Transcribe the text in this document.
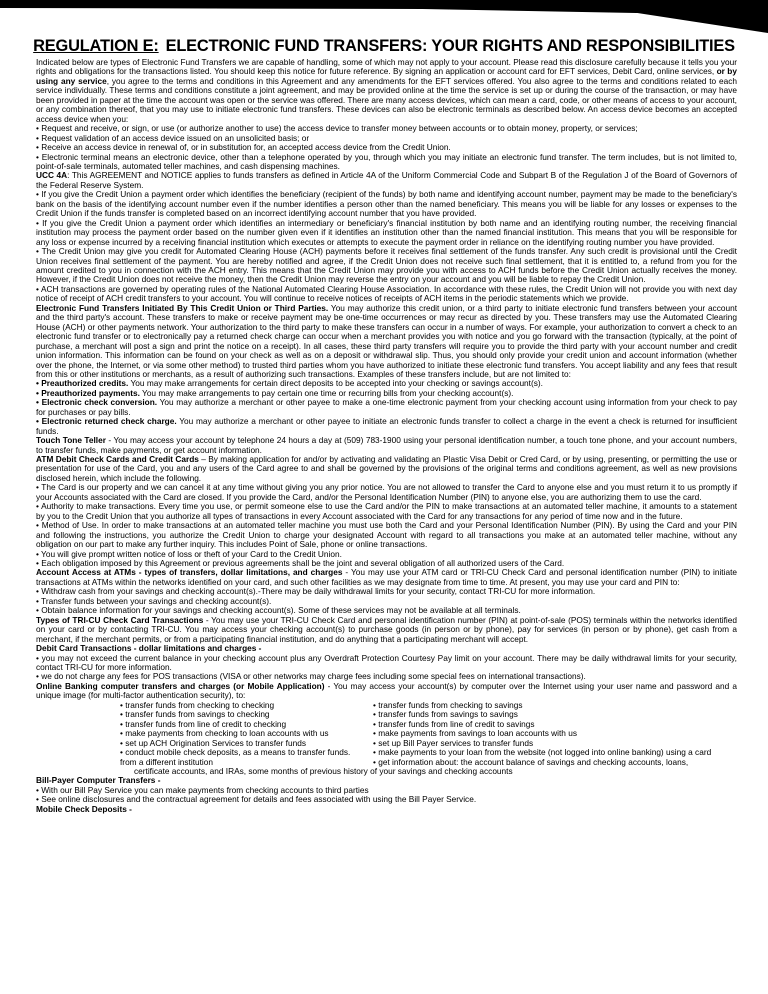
REGULATION E: ELECTRONIC FUND TRANSFERS: YOUR RIGHTS AND RESPONSIBILITIES
Indicated below are types of Electronic Fund Transfers we are capable of handling, some of which may not apply to your account. Please read this disclosure carefully because it tells you your rights and obligations for the transactions listed. You should keep this notice for future reference. By signing an application or account card for EFT services, Debit Card, online services, or by using any service, you agree to the terms and conditions in this Agreement and any amendments for the EFT services offered. You also agree to the terms and conditions related to each service individually. These terms and conditions constitute a joint agreement, and may be provided online at the time the service is set up or during the course of the transaction, or may have been provided in paper at the time the account was open or the service was offered. There are many access devices, which can mean a card, code, or other means of access to your account, or any combination thereof, that you may use to initiate electronic fund transfers. These devices can also be electronic terminals as described below. An access device becomes an accepted access device when you:
• Request and receive, or sign, or use (or authorize another to use) the access device to transfer money between accounts or to obtain money, property, or services;
• Request validation of an access device issued on an unsolicited basis; or
• Receive an access device in renewal of, or in substitution for, an accepted access device from the Credit Union.
• Electronic terminal means an electronic device, other than a telephone operated by you, through which you may initiate an electronic fund transfer. The term includes, but is not limited to, point-of-sale terminals, automated teller machines, and cash dispensing machines.
UCC 4A: This AGREEMENT and NOTICE applies to funds transfers as defined in Article 4A of the Uniform Commercial Code and Subpart B of the Regulation J of the Board of Governors of the Federal Reserve System.
• If you give the Credit Union a payment order which identifies the beneficiary (recipient of the funds) by both name and identifying account number, payment may be made to the beneficiary's bank on the basis of the identifying account number even if the number identifies a person other than the named beneficiary. This means you will be liable for any losses or expenses to the Credit Union if the funds transfer is completed based on an incorrect identifying account number that you have provided.
• If you give the Credit Union a payment order which identifies an intermediary or beneficiary's financial institution by both name and an identifying routing number, the receiving financial institution may process the payment order based on the number given even if it identifies an institution other than the named financial institution. This means that you will be responsible for any loss or expense incurred by a receiving financial institution which executes or attempts to execute the payment order in reliance on the identifying routing number you have provided.
• The Credit Union may give you credit for Automated Clearing House (ACH) payments before it receives final settlement of the funds transfer. Any such credit is provisional until the Credit Union receives final settlement of the payment. You are hereby notified and agree, if the Credit Union does not receive such final settlement, that it is entitled to, a refund from you for the amount credited to you in connection with the ACH entry. This means that the Credit Union may provide you with access to ACH funds before the Credit Union actually receives the money. However, if the Credit Union does not receive the money, then the Credit Union may reverse the entry on your account and you will be liable to repay the Credit Union.
• ACH transactions are governed by operating rules of the National Automated Clearing House Association. In accordance with these rules, the Credit Union will not provide you with next day notice of receipt of ACH credit transfers to your account. You will continue to receive notices of receipts of ACH items in the periodic statements which we provide.
Electronic Fund Transfers Initiated By This Credit Union or Third Parties. You may authorize this credit union, or a third party to initiate electronic fund transfers between your account and the third party's account. These transfers to make or receive payment may be one-time occurrences or may recur as directed by you. These transfers may use the Automated Clearing House (ACH) or other payments network. Your authorization to the third party to make these transfers can occur in a number of ways. For example, your authorization to convert a check to an electronic fund transfer or to electronically pay a returned check charge can occur when a merchant provides you with notice and you go forward with the transaction (typically, at the point of purchase, a merchant will post a sign and print the notice on a receipt). In all cases, these third party transfers will require you to provide the third party with your account number and credit union information. This information can be found on your check as well as on a deposit or withdrawal slip. Thus, you should only provide your credit union and account information (whether over the phone, the Internet, or via some other method) to trusted third parties whom you have authorized to initiate these electronic fund transfers. You accept liability and any fees that result from this or other institutions or merchants, as a result of authorizing such transactions. Examples of these transfers include, but are not limited to:
• Preauthorized credits. You may make arrangements for certain direct deposits to be accepted into your checking or savings account(s).
• Preauthorized payments. You may make arrangements to pay certain one time or recurring bills from your checking account(s).
• Electronic check conversion. You may authorize a merchant or other payee to make a one-time electronic payment from your checking account using information from your check to pay for purchases or pay bills.
• Electronic returned check charge. You may authorize a merchant or other payee to initiate an electronic funds transfer to collect a charge in the event a check is returned for insufficient funds.
Touch Tone Teller - You may access your account by telephone 24 hours a day at (509) 783-1900 using your personal identification number, a touch tone phone, and your account numbers, to transfer funds, make payments, or get account information.
ATM Debit Check Cards and Credit Cards – By making application for and/or by activating and validating an Plastic Visa Debit or Cred Card, or by using, presenting, or permitting the use or presentation for use of the Card, you and any users of the Card agree to and shall be governed by the provisions of the original terms and conditions agreement, as well as new provisions disclosed herein, which include the following.
• The Card is our property and we can cancel it at any time without giving you any prior notice. You are not allowed to transfer the Card to anyone else and you must return it to us promptly if your Accounts associated with the Card are closed. If you provide the Card, and/or the Personal Identification Number (PIN) to anyone else, you are authorizing them to use the card.
• Authority to make transactions. Every time you use, or permit someone else to use the Card and/or the PIN to make transactions at an automated teller machine, it amounts to a statement by you to the Credit Union that you authorize all types of transactions in every Account associated with the Card for any transactions for any period of time now and in the future.
• Method of Use. In order to make transactions at an automated teller machine you must use both the Card and your Personal Identification Number (PIN). By using the Card and your PIN and following the instructions, you authorize the Credit Union to charge your designated Account with regard to all transactions you make at an automated teller machine, without any obligation on our part to make any further inquiry. This includes Point of Sale, phone or online transactions.
• You will give prompt written notice of loss or theft of your Card to the Credit Union.
• Each obligation imposed by this Agreement or previous agreements shall be the joint and several obligation of all authorized users of the Card.
Account Access at ATMs - types of transfers, dollar limitations, and charges - You may use your ATM card or TRI-CU Check Card and personal identification number (PIN) to initiate transactions at ATMs within the networks identified on your card, and such other facilities as we may designate from time to time. At present, you may use your card and PIN to:
• Withdraw cash from your savings and checking account(s).-There may be daily withdrawal limits for your security, contact TRI-CU for more information.
• Transfer funds between your savings and checking account(s).
• Obtain balance information for your savings and checking account(s). Some of these services may not be available at all terminals.
Types of TRI-CU Check Card Transactions - You may use your TRI-CU Check Card and personal identification number (PIN) at point-of-sale (POS) terminals within the networks identified on your card or by contacting TRI-CU. You may access your checking account(s) to purchase goods (in person or by phone), pay for services (in person or by phone), get cash from a merchant, if the merchant permits, or from a participating financial institution, and do anything that a participating merchant will accept.
Debit Card Transactions - dollar limitations and charges -
• you may not exceed the current balance in your checking account plus any Overdraft Protection Courtesy Pay limit on your account. There may be daily withdrawal limits for your security, contact TRI-CU for more information.
• we do not charge any fees for POS transactions (VISA or other networks may charge fees including some special fees on international transactions).
Online Banking computer transfers and charges (or Mobile Application) - You may access your account(s) by computer over the Internet using your user name and password and a unique image (for multi-factor authentication security), to:
• transfer funds from checking to checking
• transfer funds from savings to checking
• transfer funds from line of credit to checking
• make payments from checking to loan accounts with us
• set up ACH Origination Services to transfer funds
• conduct mobile check deposits, as a means to transfer funds.
from a different institution
• transfer funds from checking to savings
• transfer funds from savings to savings
• transfer funds from line of credit to savings
• make payments from savings to loan accounts with us
• set up Bill Payer services to transfer funds
• make payments to your loan from the website (not logged into online banking) using a card
• get information about: the account balance of savings and checking accounts, loans,
certificate accounts, and IRAs, some months of previous history of your savings and checking accounts
Bill-Payer Computer Transfers -
• With our Bill Pay Service you can make payments from checking accounts to third parties
• See online disclosures and the contractual agreement for details and fees associated with using the Bill Payer Service.
Mobile Check Deposits -
